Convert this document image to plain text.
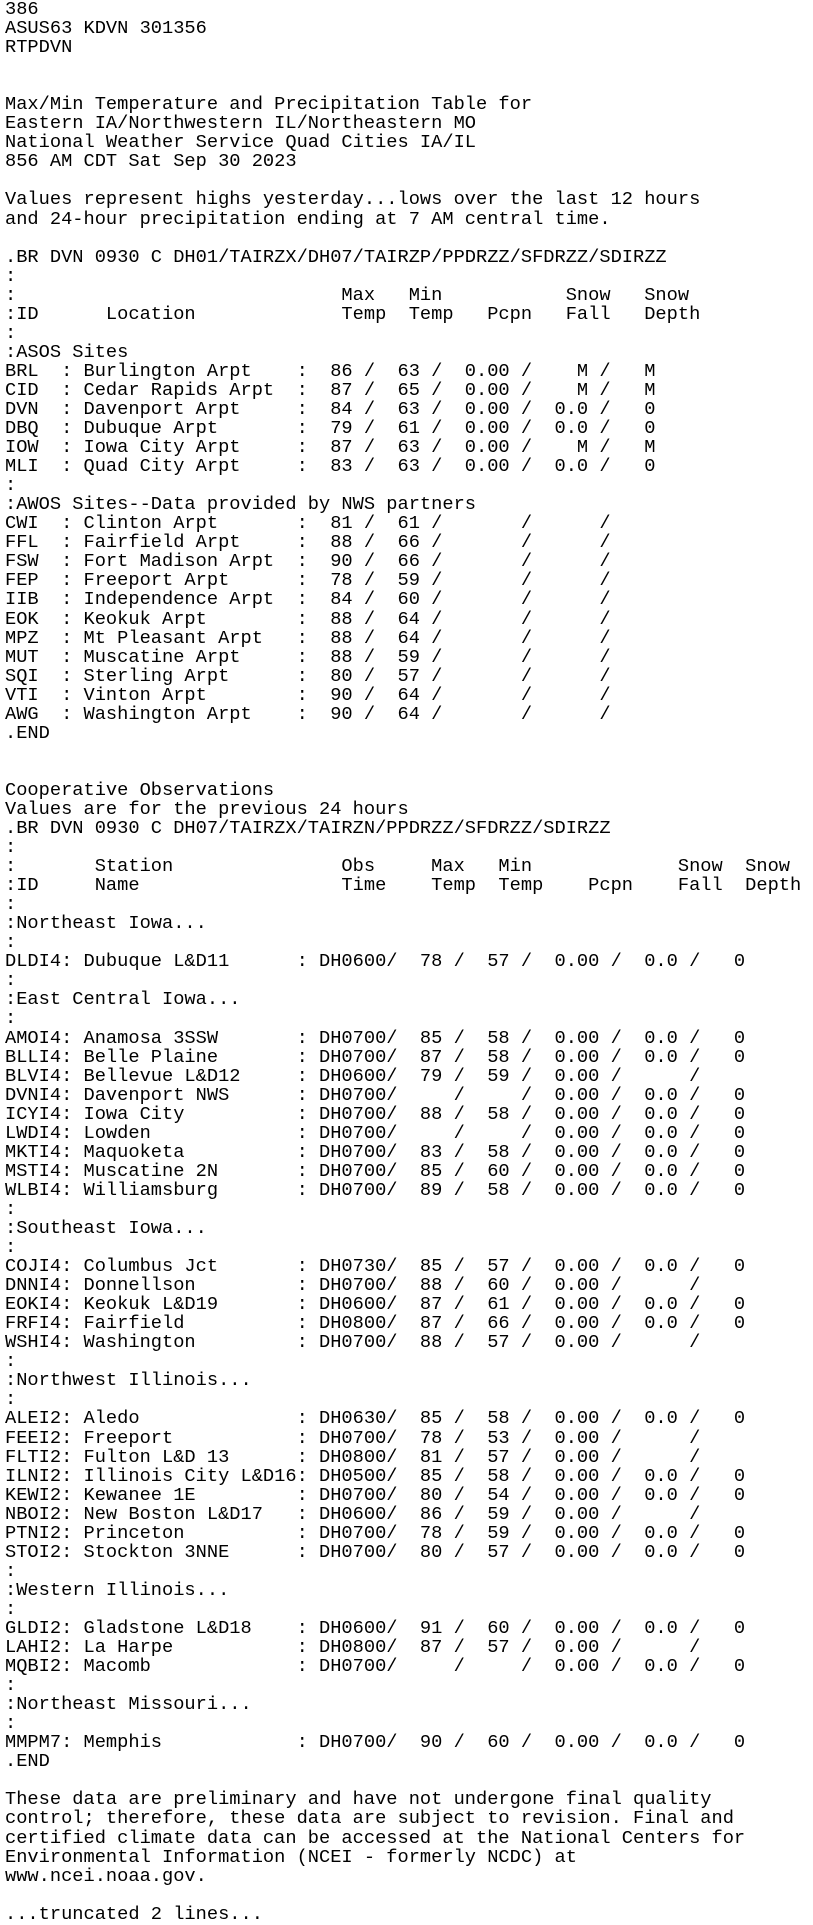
386
ASUS63 KDVN 301356
RTPDVN
Max/Min Temperature and Precipitation Table for
Eastern IA/Northwestern IL/Northeastern MO
National Weather Service Quad Cities IA/IL
856 AM CDT Sat Sep 30 2023
Values represent highs yesterday...lows over the last 12 hours
and 24-hour precipitation ending at 7 AM central time.
.BR DVN 0930 C DH01/TAIRZX/DH07/TAIRZP/PPDRZZ/SFDRZZ/SDIRZZ
:
:                             Max   Min           Snow   Snow
:ID      Location             Temp  Temp   Pcpn   Fall   Depth
:
:ASOS Sites
BRL  : Burlington Arpt    :  86 /  63 /  0.00 /    M /   M
CID  : Cedar Rapids Arpt  :  87 /  65 /  0.00 /    M /   M
DVN  : Davenport Arpt     :  84 /  63 /  0.00 /  0.0 /   0
DBQ  : Dubuque Arpt       :  79 /  61 /  0.00 /  0.0 /   0
IOW  : Iowa City Arpt     :  87 /  63 /  0.00 /    M /   M
MLI  : Quad City Arpt     :  83 /  63 /  0.00 /  0.0 /   0
:
:AWOS Sites--Data provided by NWS partners
CWI  : Clinton Arpt       :  81 /  61 /       /      /
FFL  : Fairfield Arpt     :  88 /  66 /       /      /
FSW  : Fort Madison Arpt  :  90 /  66 /       /      /
FEP  : Freeport Arpt      :  78 /  59 /       /      /
IIB  : Independence Arpt  :  84 /  60 /       /      /
EOK  : Keokuk Arpt        :  88 /  64 /       /      /
MPZ  : Mt Pleasant Arpt   :  88 /  64 /       /      /
MUT  : Muscatine Arpt     :  88 /  59 /       /      /
SQI  : Sterling Arpt      :  80 /  57 /       /      /
VTI  : Vinton Arpt        :  90 /  64 /       /      /
AWG  : Washington Arpt    :  90 /  64 /       /      /
.END
Cooperative Observations
Values are for the previous 24 hours
.BR DVN 0930 C DH07/TAIRZX/TAIRZN/PPDRZZ/SFDRZZ/SDIRZZ
:
:       Station               Obs     Max   Min             Snow  Snow
:ID     Name                  Time    Temp  Temp    Pcpn    Fall  Depth
:
:Northeast Iowa...
:
DLDI4: Dubuque L&D11      : DH0600/  78 /  57 /  0.00 /  0.0 /   0
:
:East Central Iowa...
:
AMOI4: Anamosa 3SSW       : DH0700/  85 /  58 /  0.00 /  0.0 /   0
BLLI4: Belle Plaine       : DH0700/  87 /  58 /  0.00 /  0.0 /   0
BLVI4: Bellevue L&D12     : DH0600/  79 /  59 /  0.00 /      /
DVNI4: Davenport NWS      : DH0700/     /     /  0.00 /  0.0 /   0
ICYI4: Iowa City          : DH0700/  88 /  58 /  0.00 /  0.0 /   0
LWDI4: Lowden             : DH0700/     /     /  0.00 /  0.0 /   0
MKTI4: Maquoketa          : DH0700/  83 /  58 /  0.00 /  0.0 /   0
MSTI4: Muscatine 2N       : DH0700/  85 /  60 /  0.00 /  0.0 /   0
WLBI4: Williamsburg       : DH0700/  89 /  58 /  0.00 /  0.0 /   0
:
:Southeast Iowa...
:
COJI4: Columbus Jct       : DH0730/  85 /  57 /  0.00 /  0.0 /   0
DNNI4: Donnellson         : DH0700/  88 /  60 /  0.00 /      /
EOKI4: Keokuk L&D19       : DH0600/  87 /  61 /  0.00 /  0.0 /   0
FRFI4: Fairfield          : DH0800/  87 /  66 /  0.00 /  0.0 /   0
WSHI4: Washington         : DH0700/  88 /  57 /  0.00 /      /
:
:Northwest Illinois...
:
ALEI2: Aledo              : DH0630/  85 /  58 /  0.00 /  0.0 /   0
FEEI2: Freeport           : DH0700/  78 /  53 /  0.00 /      /
FLTI2: Fulton L&D 13      : DH0800/  81 /  57 /  0.00 /      /
ILNI2: Illinois City L&D16: DH0500/  85 /  58 /  0.00 /  0.0 /   0
KEWI2: Kewanee 1E         : DH0700/  80 /  54 /  0.00 /  0.0 /   0
NBOI2: New Boston L&D17   : DH0600/  86 /  59 /  0.00 /      /
PTNI2: Princeton          : DH0700/  78 /  59 /  0.00 /  0.0 /   0
STOI2: Stockton 3NNE      : DH0700/  80 /  57 /  0.00 /  0.0 /   0
:
:Western Illinois...
:
GLDI2: Gladstone L&D18    : DH0600/  91 /  60 /  0.00 /  0.0 /   0
LAHI2: La Harpe           : DH0800/  87 /  57 /  0.00 /      /
MQBI2: Macomb             : DH0700/     /     /  0.00 /  0.0 /   0
:
:Northeast Missouri...
:
MMPM7: Memphis            : DH0700/  90 /  60 /  0.00 /  0.0 /   0
.END
These data are preliminary and have not undergone final quality
control; therefore, these data are subject to revision. Final and
certified climate data can be accessed at the National Centers for
Environmental Information (NCEI - formerly NCDC) at
www.ncei.noaa.gov.
...truncated 2 lines...
